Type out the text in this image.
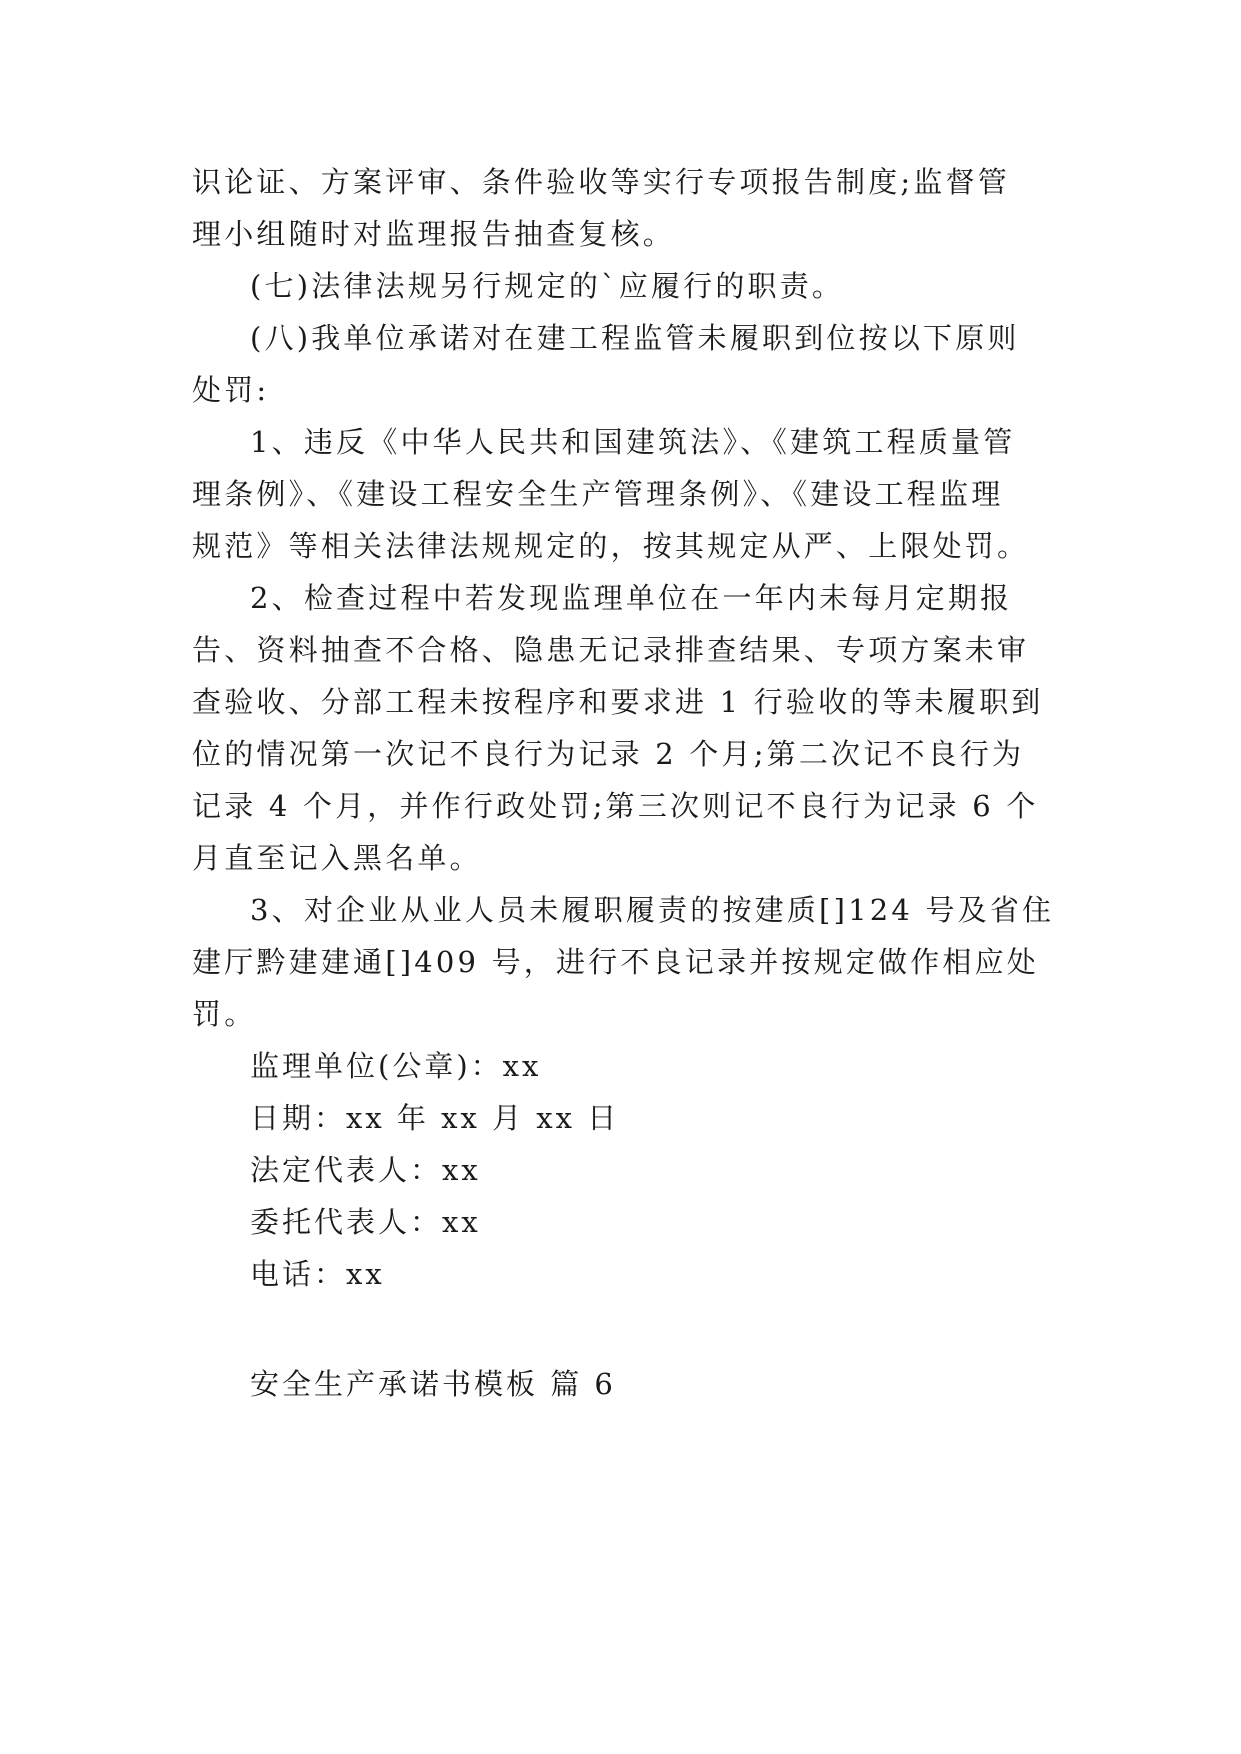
识论证、方案评审、条件验收等实行专项报告制度;监督管
理小组随时对监理报告抽查复核。
(七)法律法规另行规定的`应履行的职责。
(八)我单位承诺对在建工程监管未履职到位按以下原则
处罚:
1、违反《中华人民共和国建筑法》、《建筑工程质量管
理条例》、《建设工程安全生产管理条例》、《建设工程监理
规范》等相关法律法规规定的，按其规定从严、上限处罚。
2、检查过程中若发现监理单位在一年内未每月定期报
告、资料抽查不合格、隐患无记录排查结果、专项方案未审
查验收、分部工程未按程序和要求进 1 行验收的等未履职到
位的情况第一次记不良行为记录 2 个月;第二次记不良行为
记录 4 个月，并作行政处罚;第三次则记不良行为记录 6 个
月直至记入黑名单。
3、对企业从业人员未履职履责的按建质[]124 号及省住
建厅黔建建通[]409 号，进行不良记录并按规定做作相应处
罚。
监理单位(公章)：xx
日期：xx 年 xx 月 xx 日
法定代表人：xx
委托代表人：xx
电话：xx
安全生产承诺书模板 篇 6
